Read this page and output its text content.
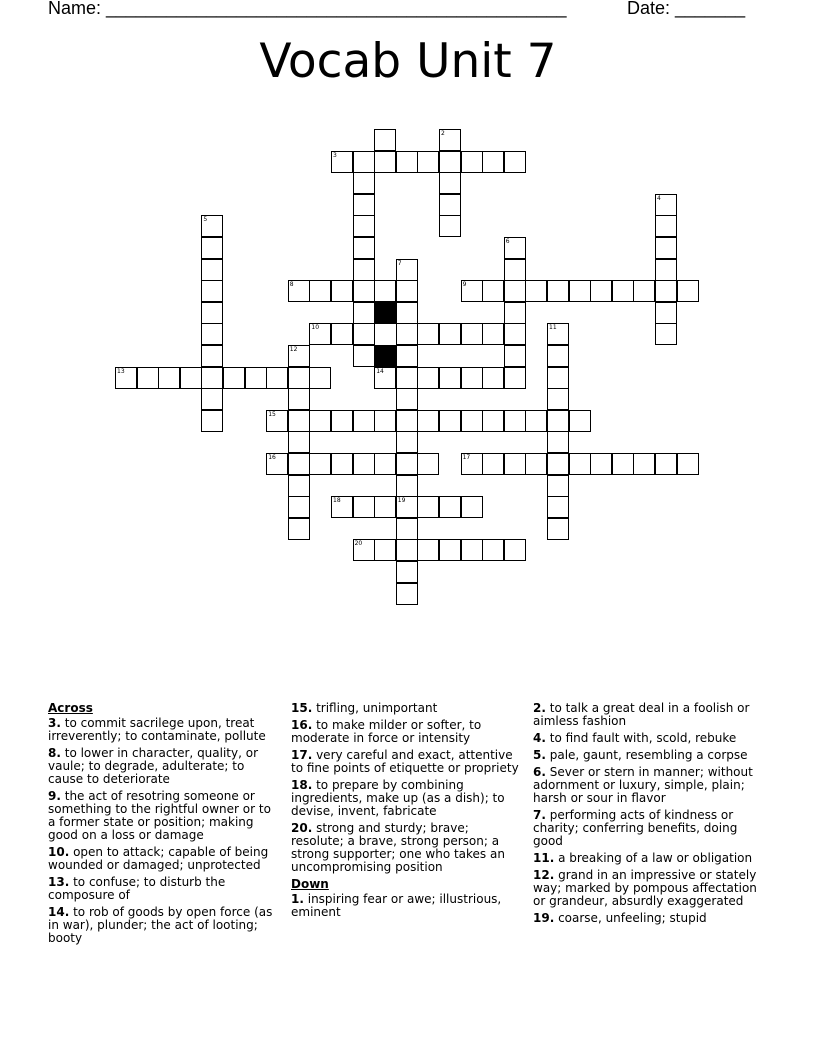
Name: ______________________________________________	Date: _______
Vocab Unit 7
2
3
4
5
6
7
8	9
10	11
12
13	14
15
16	17
18	19
20
Across
3. to commit sacrilege upon, treat irreverently; to contaminate, pollute
8. to lower in character, quality, or vaule; to degrade, adulterate; to cause to deteriorate
9. the act of resotring someone or something to the rightful owner or to a former state or position; making good on a loss or damage
10. open to attack; capable of being wounded or damaged; unprotected
13. to confuse; to disturb the composure of
14. to rob of goods by open force (as in war), plunder; the act of looting; booty
15. trifling, unimportant
16. to make milder or softer, to moderate in force or intensity
17. very careful and exact, attentive to fine points of etiquette or propriety
18. to prepare by combining ingredients, make up (as a dish); to devise, invent, fabricate
20. strong and sturdy; brave; resolute; a brave, strong person; a strong supporter; one who takes an uncompromising position
Down
1. inspiring fear or awe; illustrious, eminent
2. to talk a great deal in a foolish or aimless fashion
4. to find fault with, scold, rebuke
5. pale, gaunt, resembling a corpse
6. Sever or stern in manner; without adornment or luxury, simple, plain; harsh or sour in flavor
7. performing acts of kindness or charity; conferring benefits, doing good
11. a breaking of a law or obligation
12. grand in an impressive or stately way; marked by pompous affectation or grandeur, absurdly exaggerated
19. coarse, unfeeling; stupid
